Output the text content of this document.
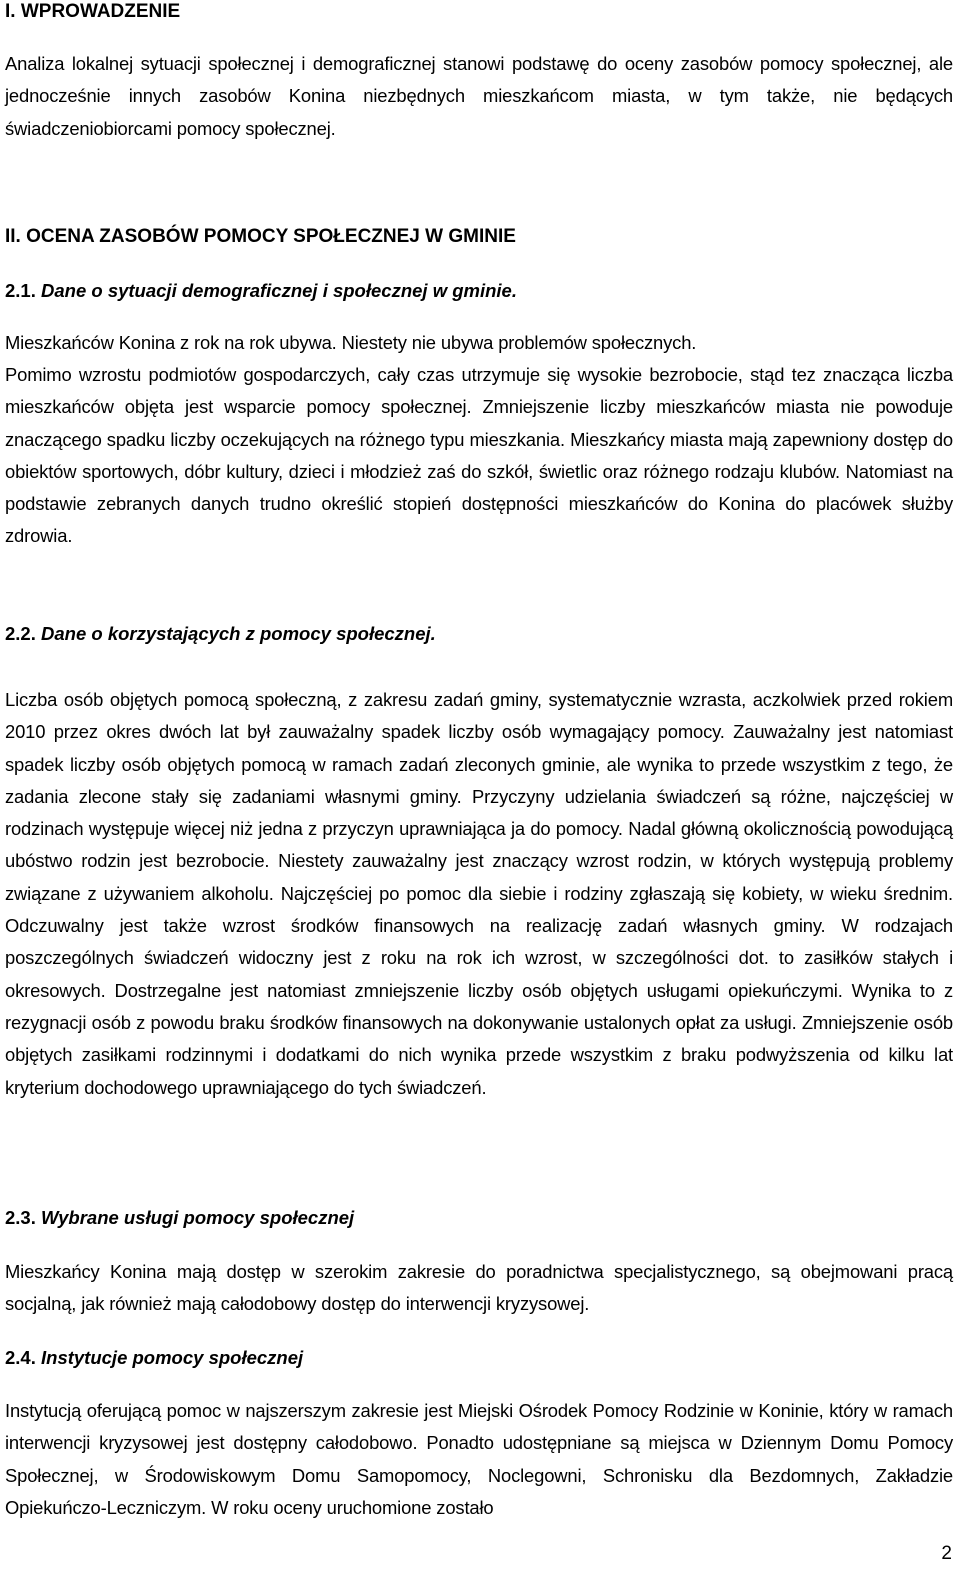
I. WPROWADZENIE
Analiza lokalnej sytuacji społecznej i demograficznej stanowi podstawę do oceny zasobów pomocy społecznej, ale jednocześnie innych zasobów Konina niezbędnych mieszkańcom miasta, w tym także, nie będących świadczeniobiorcami pomocy społecznej.
II. OCENA ZASOBÓW POMOCY SPOŁECZNEJ W GMINIE
2.1. Dane o sytuacji demograficznej i społecznej w gminie.
Mieszkańców Konina z rok na rok ubywa. Niestety nie ubywa problemów społecznych.
Pomimo wzrostu podmiotów gospodarczych, cały czas utrzymuje się wysokie bezrobocie, stąd tez znacząca liczba mieszkańców objęta jest wsparcie pomocy społecznej. Zmniejszenie liczby mieszkańców miasta nie powoduje znaczącego spadku liczby oczekujących na różnego typu mieszkania. Mieszkańcy miasta mają zapewniony dostęp do obiektów sportowych, dóbr kultury, dzieci i młodzież zaś do szkół, świetlic oraz różnego rodzaju klubów. Natomiast na podstawie zebranych danych trudno określić stopień dostępności mieszkańców do Konina do placówek służby zdrowia.
2.2. Dane o korzystających z pomocy społecznej.
Liczba osób objętych pomocą społeczną, z zakresu zadań gminy, systematycznie wzrasta, aczkolwiek przed rokiem 2010 przez okres dwóch lat był zauważalny spadek liczby osób wymagający pomocy. Zauważalny jest natomiast spadek liczby osób objętych pomocą w ramach zadań zleconych gminie, ale wynika to przede wszystkim z tego, że zadania zlecone stały się zadaniami własnymi gminy. Przyczyny udzielania świadczeń są różne, najczęściej w rodzinach występuje więcej niż jedna z przyczyn uprawniająca ja do pomocy. Nadal główną okolicznością powodującą ubóstwo rodzin jest bezrobocie. Niestety zauważalny jest znaczący wzrost rodzin, w których występują problemy związane z używaniem alkoholu. Najczęściej po pomoc dla siebie i rodziny zgłaszają się kobiety, w wieku średnim. Odczuwalny jest także wzrost środków finansowych na realizację zadań własnych gminy. W rodzajach poszczególnych świadczeń widoczny jest z roku na rok ich wzrost, w szczególności dot. to zasiłków stałych i okresowych. Dostrzegalne jest natomiast zmniejszenie liczby osób objętych usługami opiekuńczymi. Wynika to z rezygnacji osób z powodu braku środków finansowych na dokonywanie ustalonych opłat za usługi. Zmniejszenie osób objętych zasiłkami rodzinnymi i dodatkami do nich wynika przede wszystkim z braku podwyższenia od kilku lat kryterium dochodowego uprawniającego do tych świadczeń.
2.3. Wybrane usługi pomocy społecznej
Mieszkańcy Konina mają dostęp w szerokim zakresie do poradnictwa specjalistycznego, są obejmowani pracą socjalną, jak również mają całodobowy dostęp do interwencji kryzysowej.
2.4. Instytucje pomocy społecznej
Instytucją oferującą pomoc w najszerszym zakresie jest Miejski Ośrodek Pomocy Rodzinie w Koninie, który w ramach interwencji kryzysowej jest dostępny całodobowo. Ponadto udostępniane są miejsca w Dziennym Domu Pomocy Społecznej, w Środowiskowym Domu Samopomocy, Noclegowni, Schronisku dla Bezdomnych, Zakładzie Opiekuńczo-Leczniczym. W roku oceny uruchomione zostało
2
